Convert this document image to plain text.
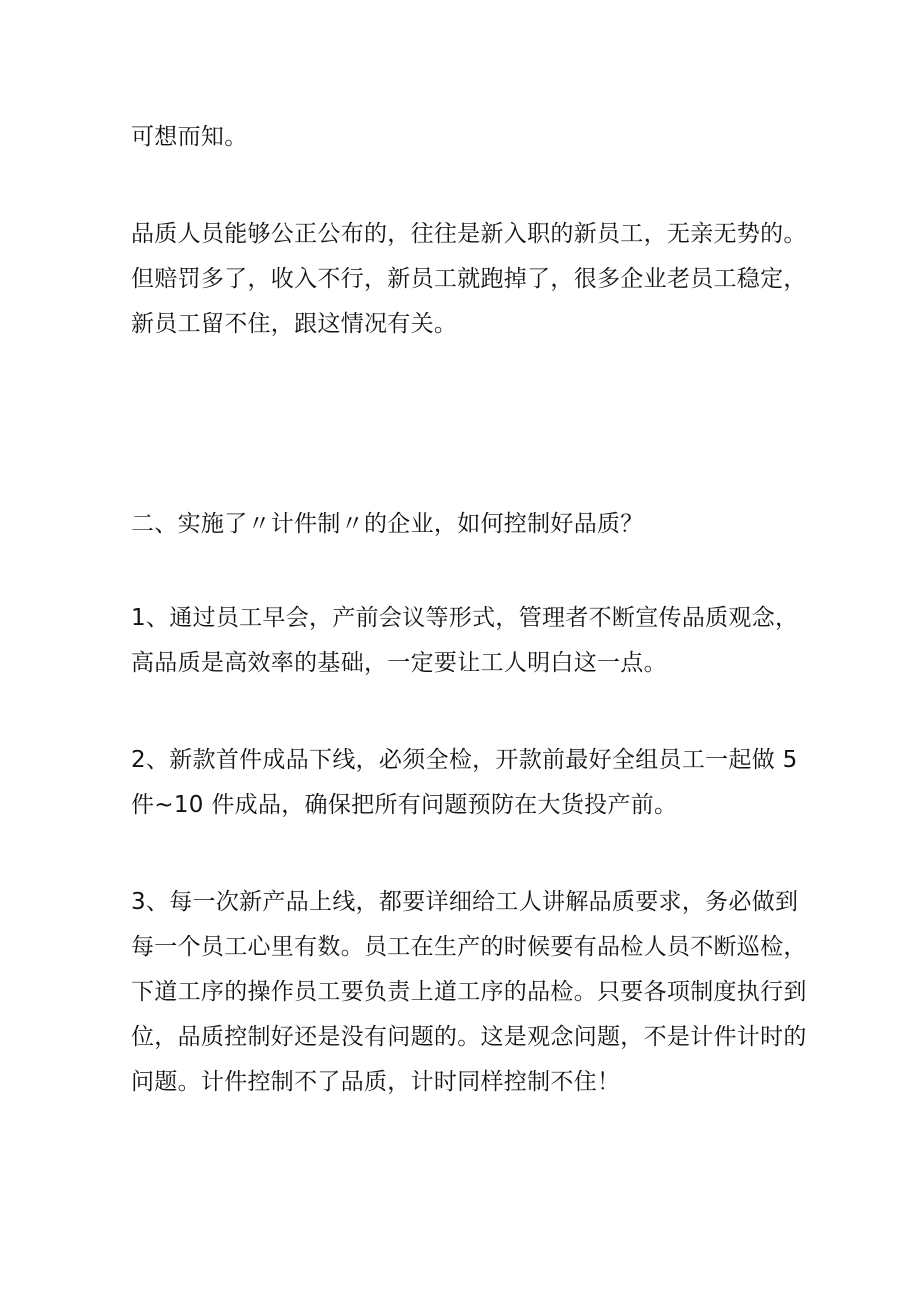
可想而知。
品质人员能够公正公布的，往往是新入职的新员工，无亲无势的。
但赔罚多了，收入不行，新员工就跑掉了，很多企业老员工稳定，
新员工留不住，跟这情况有关。
二、实施了〃计件制〃的企业，如何控制好品质？
1、通过员工早会，产前会议等形式，管理者不断宣传品质观念，
高品质是高效率的基础，一定要让工人明白这一点。
2、新款首件成品下线，必须全检，开款前最好全组员工一起做 5
件~10 件成品，确保把所有问题预防在大货投产前。
3、每一次新产品上线，都要详细给工人讲解品质要求，务必做到
每一个员工心里有数。员工在生产的时候要有品检人员不断巡检，
下道工序的操作员工要负责上道工序的品检。只要各项制度执行到
位，品质控制好还是没有问题的。这是观念问题，不是计件计时的
问题。计件控制不了品质，计时同样控制不住！
